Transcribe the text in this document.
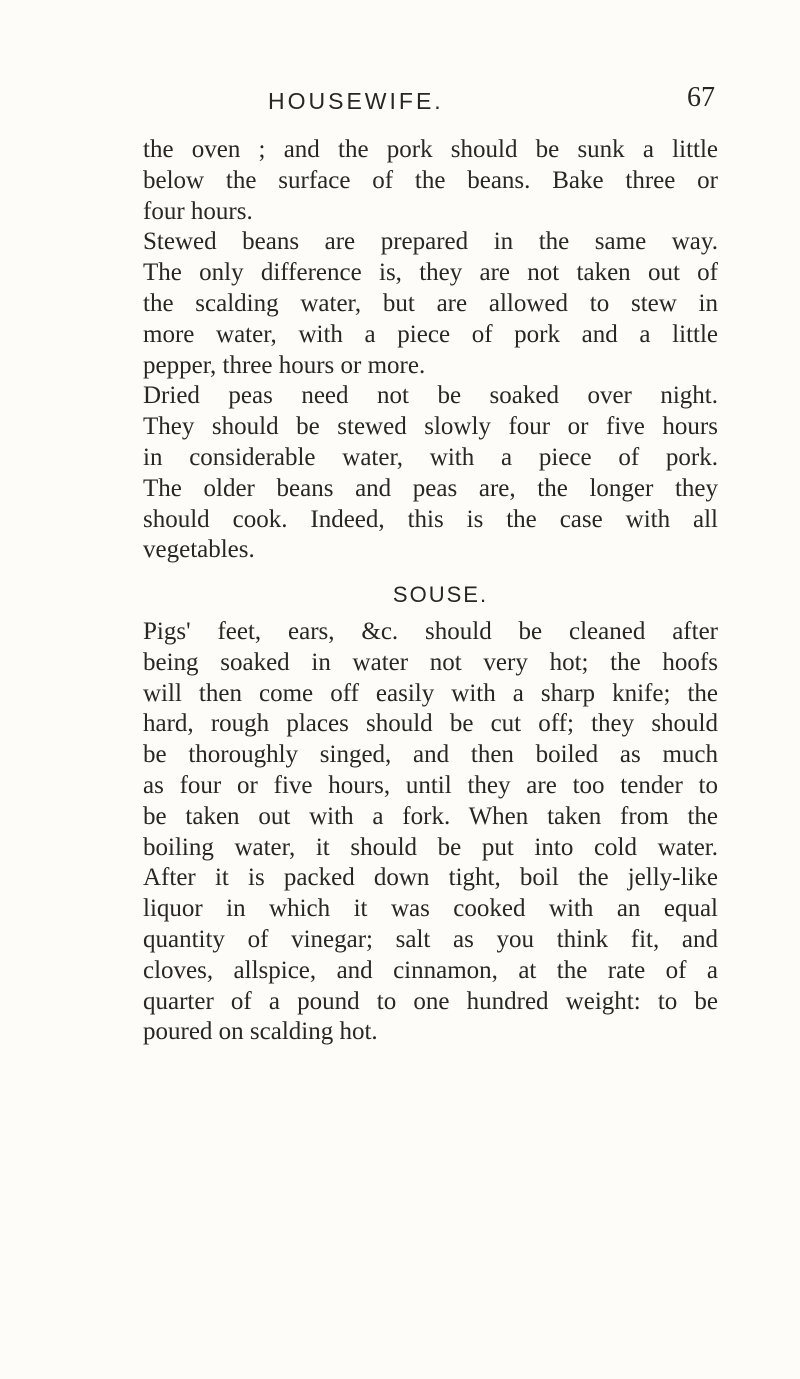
HOUSEWIFE.	67
the oven ; and the pork should be sunk a little
below the surface of the beans. Bake three or
four hours.
Stewed beans are prepared in the same way.
The only difference is, they are not taken out of
the scalding water, but are allowed to stew in
more water, with a piece of pork and a little
pepper, three hours or more.
Dried peas need not be soaked over night.
They should be stewed slowly four or five hours
in considerable water, with a piece of pork.
The older beans and peas are, the longer they
should cook. Indeed, this is the case with all
vegetables.
SOUSE.
Pigs' feet, ears, &c. should be cleaned after
being soaked in water not very hot; the hoofs
will then come off easily with a sharp knife; the
hard, rough places should be cut off; they should
be thoroughly singed, and then boiled as much
as four or five hours, until they are too tender to
be taken out with a fork. When taken from the
boiling water, it should be put into cold water.
After it is packed down tight, boil the jelly-like
liquor in which it was cooked with an equal
quantity of vinegar; salt as you think fit, and
cloves, allspice, and cinnamon, at the rate of a
quarter of a pound to one hundred weight: to be
poured on scalding hot.
